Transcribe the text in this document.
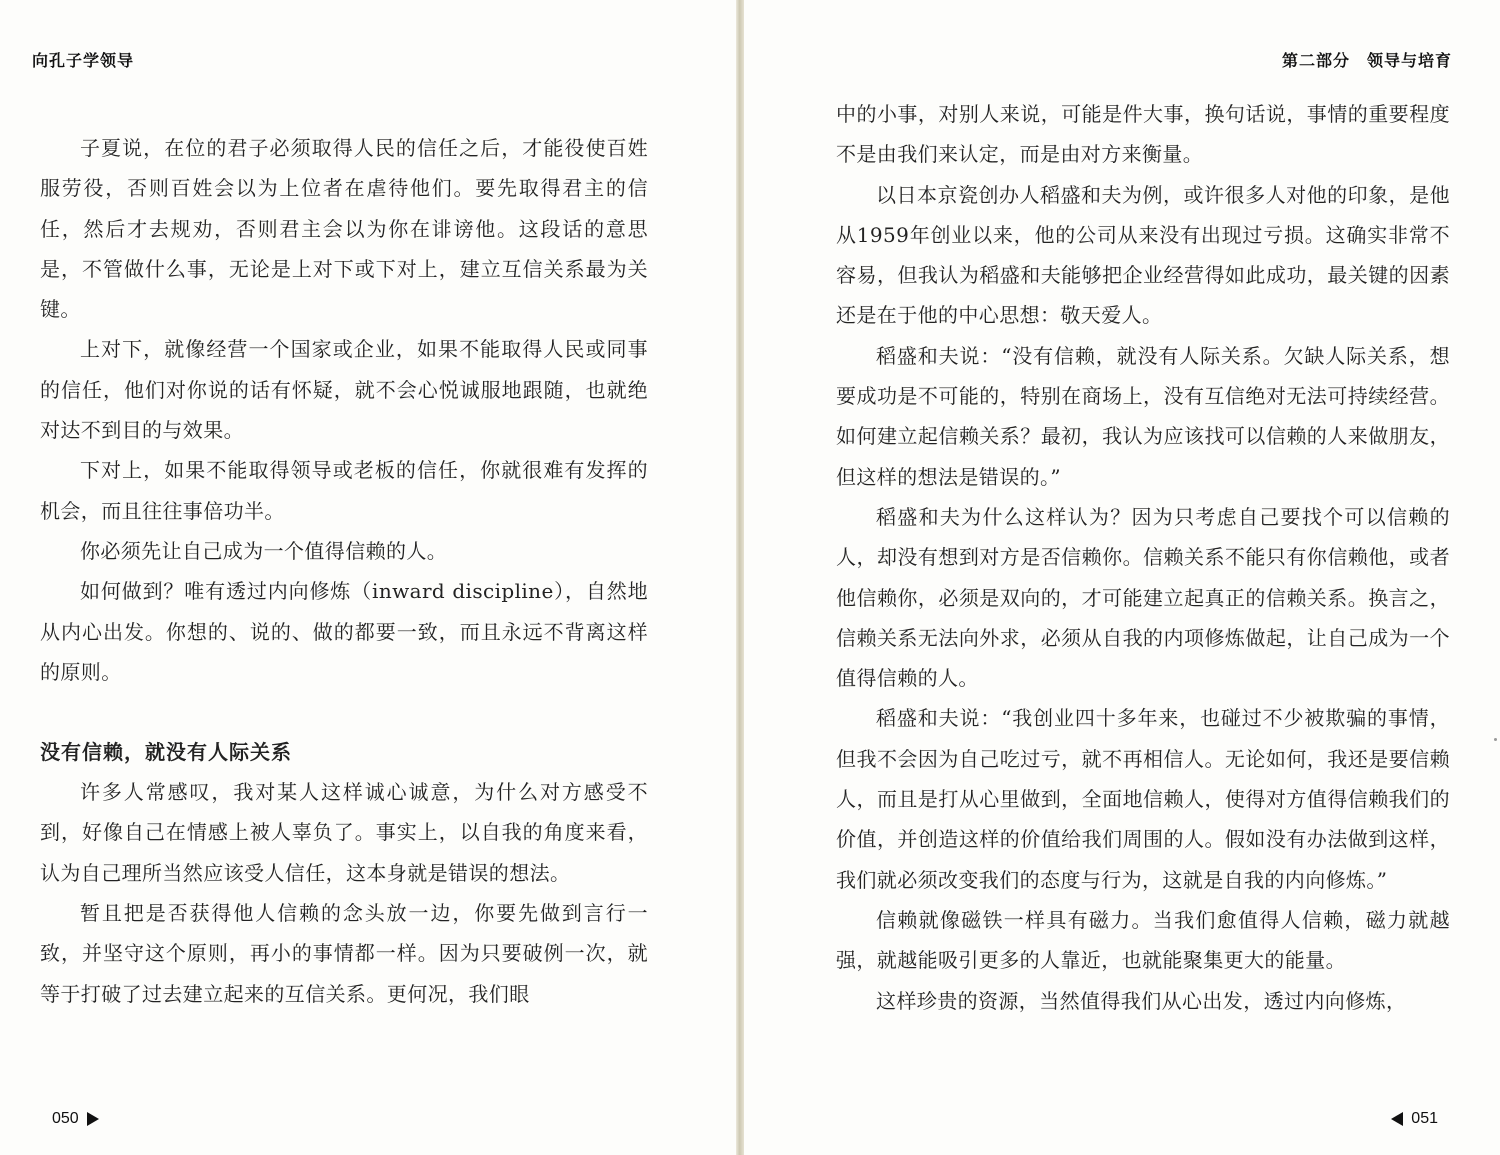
向孔子学领导

子夏说，在位的君子必须取得人民的信任之后，才能役使百姓服劳役，否则百姓会以为上位者在虐待他们。要先取得君主的信任，然后才去规劝，否则君主会以为你在诽谤他。这段话的意思是，不管做什么事，无论是上对下或下对上，建立互信关系最为关键。

上对下，就像经营一个国家或企业，如果不能取得人民或同事的信任，他们对你说的话有怀疑，就不会心悦诚服地跟随，也就绝对达不到目的与效果。

下对上，如果不能取得领导或老板的信任，你就很难有发挥的机会，而且往往事倍功半。

你必须先让自己成为一个值得信赖的人。

如何做到？唯有透过内向修炼（inward discipline），自然地从内心出发。你想的、说的、做的都要一致，而且永远不背离这样的原则。

没有信赖，就没有人际关系

许多人常感叹，我对某人这样诚心诚意，为什么对方感受不到，好像自己在情感上被人辜负了。事实上，以自我的角度来看，认为自己理所当然应该受人信任，这本身就是错误的想法。

暂且把是否获得他人信赖的念头放一边，你要先做到言行一致，并坚守这个原则，再小的事情都一样。因为只要破例一次，就等于打破了过去建立起来的互信关系。更何况，我们眼

050
第二部分　领导与培育

中的小事，对别人来说，可能是件大事，换句话说，事情的重要程度不是由我们来认定，而是由对方来衡量。

以日本京瓷创办人稻盛和夫为例，或许很多人对他的印象，是他从1959年创业以来，他的公司从来没有出现过亏损。这确实非常不容易，但我认为稻盛和夫能够把企业经营得如此成功，最关键的因素还是在于他的中心思想：敬天爱人。

稻盛和夫说：“没有信赖，就没有人际关系。欠缺人际关系，想要成功是不可能的，特别在商场上，没有互信绝对无法可持续经营。如何建立起信赖关系？最初，我认为应该找可以信赖的人来做朋友，但这样的想法是错误的。”

稻盛和夫为什么这样认为？因为只考虑自己要找个可以信赖的人，却没有想到对方是否信赖你。信赖关系不能只有你信赖他，或者他信赖你，必须是双向的，才可能建立起真正的信赖关系。换言之，信赖关系无法向外求，必须从自我的内项修炼做起，让自己成为一个值得信赖的人。

稻盛和夫说：“我创业四十多年来，也碰过不少被欺骗的事情，但我不会因为自己吃过亏，就不再相信人。无论如何，我还是要信赖人，而且是打从心里做到，全面地信赖人，使得对方值得信赖我们的价值，并创造这样的价值给我们周围的人。假如没有办法做到这样，我们就必须改变我们的态度与行为，这就是自我的内向修炼。”

信赖就像磁铁一样具有磁力。当我们愈值得人信赖，磁力就越强，就越能吸引更多的人靠近，也就能聚集更大的能量。

这样珍贵的资源，当然值得我们从心出发，透过内向修炼，

051
